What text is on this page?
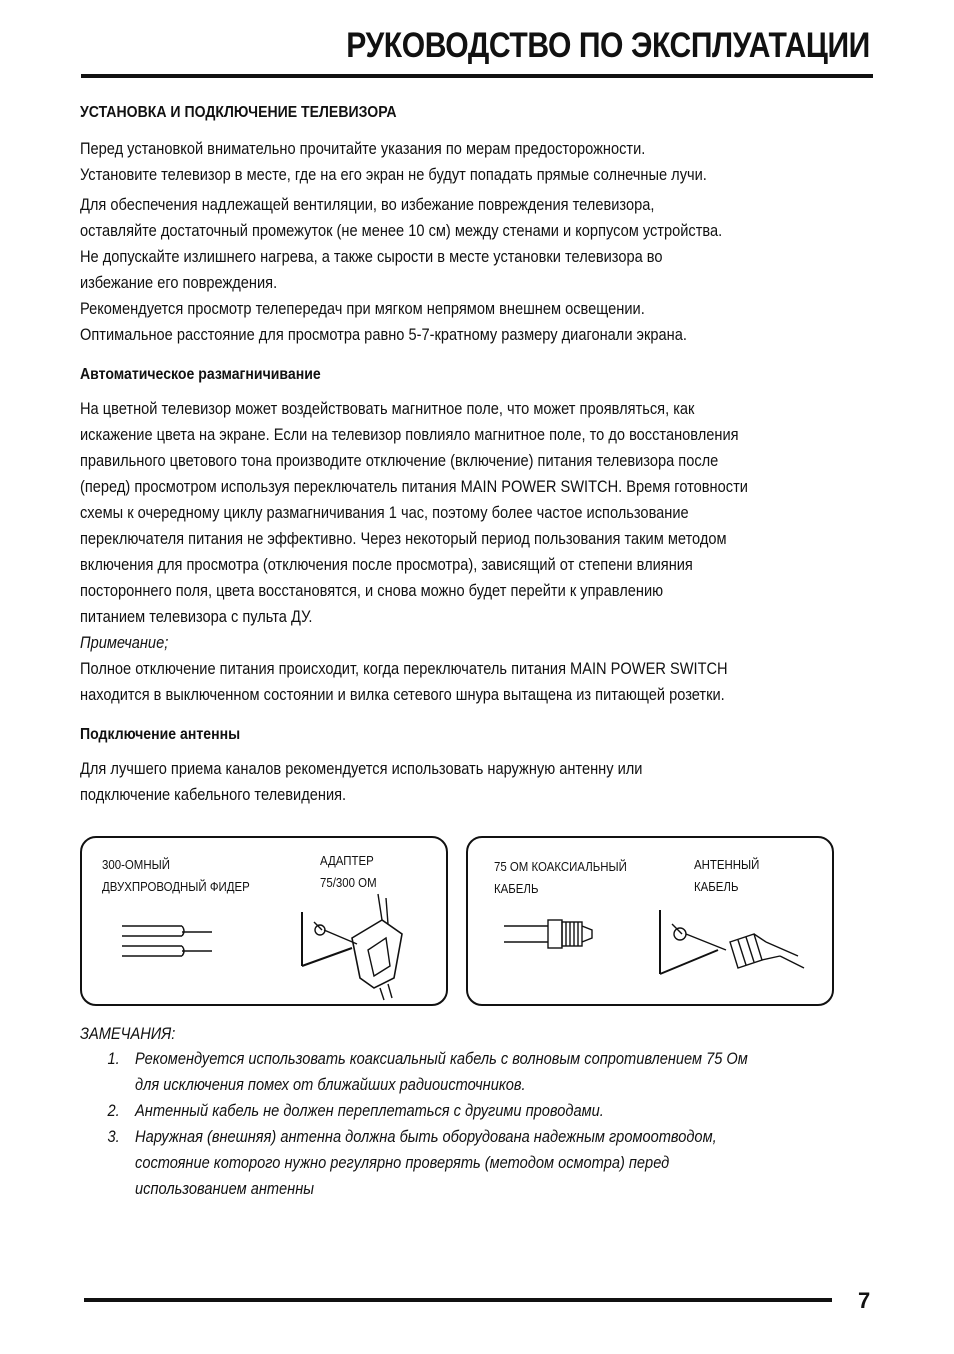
РУКОВОДСТВО ПО ЭКСПЛУАТАЦИИ
УСТАНОВКА И ПОДКЛЮЧЕНИЕ ТЕЛЕВИЗОРА
Перед установкой внимательно прочитайте указания по мерам предосторожности.
Установите телевизор в месте, где на его экран не будут попадать прямые солнечные лучи.
Для обеспечения надлежащей вентиляции, во избежание повреждения телевизора,
оставляйте достаточный промежуток (не менее 10 см) между стенами и корпусом устройства.
Не допускайте излишнего нагрева, а также сырости в месте установки телевизора во
избежание его повреждения.
Рекомендуется просмотр телепередач при мягком непрямом внешнем освещении.
Оптимальное расстояние для просмотра равно 5-7-кратному размеру диагонали экрана.
Автоматическое размагничивание
На цветной телевизор может воздействовать магнитное поле, что может проявляться, как
искажение цвета на экране. Если на телевизор повлияло магнитное поле, то до восстановления
правильного цветового тона производите отключение (включение) питания телевизора после
(перед) просмотром используя переключатель питания MAIN POWER SWITCH. Время готовности
схемы к очередному циклу размагничивания 1 час, поэтому более частое использование
переключателя питания не эффективно. Через некоторый период пользования таким методом
включения для просмотра (отключения после просмотра), зависящий от степени влияния
постороннего поля, цвета восстановятся, и снова можно будет перейти к управлению
питанием телевизора с пульта ДУ.
Примечание;
Полное отключение питания происходит, когда переключатель питания MAIN POWER SWITCH
находится в выключенном состоянии и вилка сетевого шнура вытащена из питающей розетки.
Подключение антенны
Для лучшего приема каналов рекомендуется использовать наружную антенну или
подключение кабельного телевидения.
300-ОМНЫЙ
ДВУХПРОВОДНЫЙ ФИДЕР
АДАПТЕР
75/300 ОМ
75 ОМ КОАКСИАЛЬНЫЙ
КАБЕЛЬ
АНТЕННЫЙ
КАБЕЛЬ
ЗАМЕЧАНИЯ:
1. Рекомендуется использовать коаксиальный кабель с волновым сопротивлением 75 Ом
для исключения помех от ближайших радиоисточников.
2. Антенный кабель не должен переплетаться с другими проводами.
3. Наружная (внешняя) антенна должна быть оборудована надежным громоотводом,
состояние которого нужно регулярно проверять (методом осмотра) перед
использованием антенны
7
